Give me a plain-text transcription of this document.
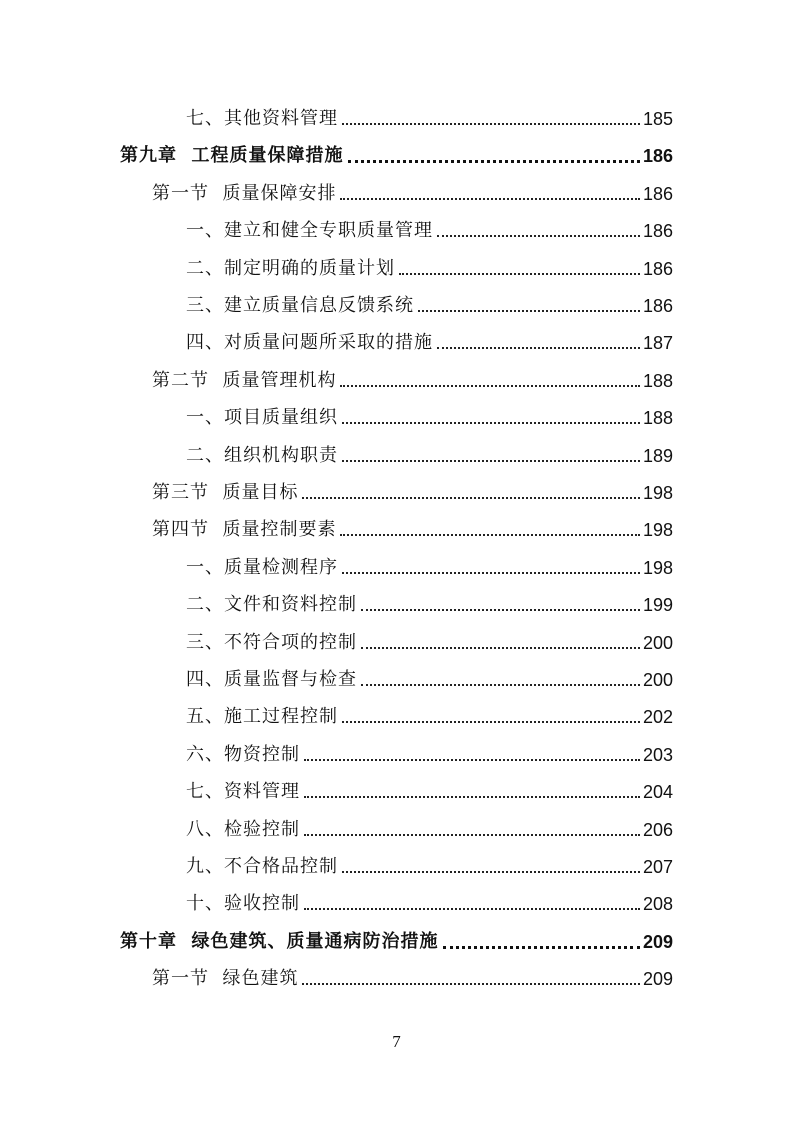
七、其他资料管理	185
第九章  工程质量保障措施	186
第一节  质量保障安排	186
一、建立和健全专职质量管理	186
二、制定明确的质量计划	186
三、建立质量信息反馈系统	186
四、对质量问题所采取的措施	187
第二节  质量管理机构	188
一、项目质量组织	188
二、组织机构职责	189
第三节  质量目标	198
第四节  质量控制要素	198
一、质量检测程序	198
二、文件和资料控制	199
三、不符合项的控制	200
四、质量监督与检查	200
五、施工过程控制	202
六、物资控制	203
七、资料管理	204
八、检验控制	206
九、不合格品控制	207
十、验收控制	208
第十章  绿色建筑、质量通病防治措施	209
第一节  绿色建筑	209
7
